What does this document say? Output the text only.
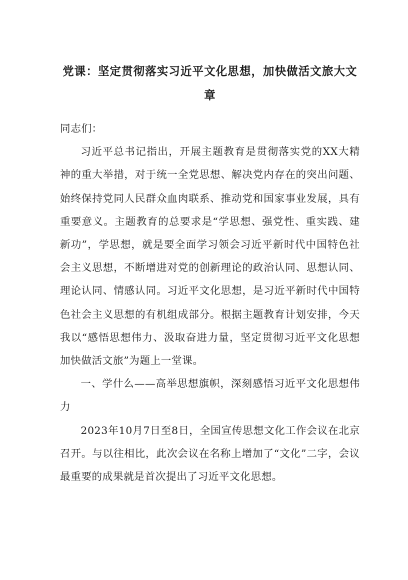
党课：坚定贯彻落实习近平文化思想，加快做活文旅大文章

同志们：

习近平总书记指出，开展主题教育是贯彻落实党的XX大精神的重大举措，对于统一全党思想、解决党内存在的突出问题、始终保持党同人民群众血肉联系、推动党和国家事业发展，具有重要意义。主题教育的总要求是“学思想、强党性、重实践、建新功”，学思想，就是要全面学习领会习近平新时代中国特色社会主义思想，不断增进对党的创新理论的政治认同、思想认同、理论认同、情感认同。习近平文化思想，是习近平新时代中国特色社会主义思想的有机组成部分。根据主题教育计划安排，今天我以“感悟思想伟力、汲取奋进力量，坚定贯彻习近平文化思想加快做活文旅”为题上一堂课。

一、学什么——高举思想旗帜，深刻感悟习近平文化思想伟力

2023年10月7日至8日，全国宣传思想文化工作会议在北京召开。与以往相比，此次会议在名称上增加了“文化”二字，会议最重要的成果就是首次提出了习近平文化思想。
